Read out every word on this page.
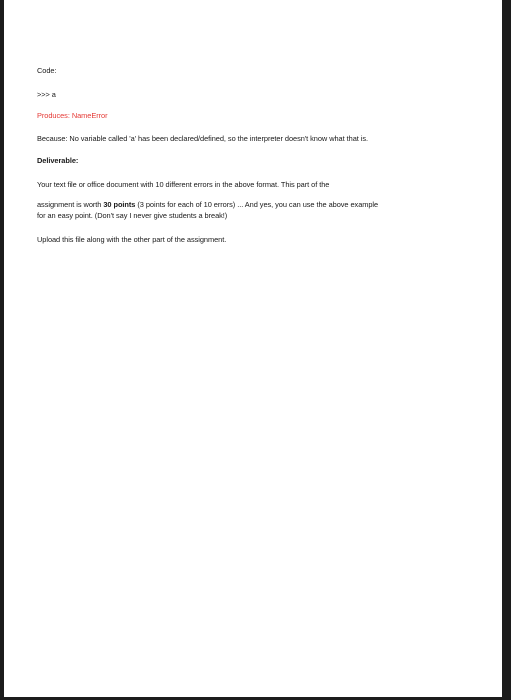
Code:
>>> a
Produces: NameError
Because: No variable called 'a' has been declared/defined, so the interpreter doesn't know what that is.
Deliverable:
Your text file or office document with 10 different errors in the above format. This part of the
assignment is worth 30 points (3 points for each of 10 errors) ... And yes, you can use the above example
for an easy point. (Don't say I never give students a break!)
Upload this file along with the other part of the assignment.
